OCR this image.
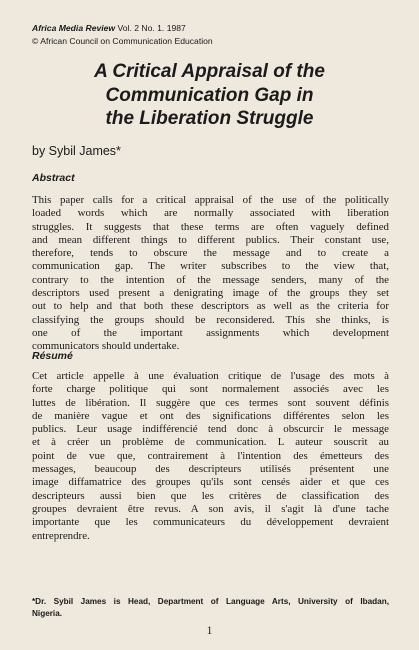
Africa Media Review Vol. 2 No. 1. 1987
© African Council on Communication Education
A Critical Appraisal of the
Communication Gap in
the Liberation Struggle
by Sybil James*
Abstract
This paper calls for a critical appraisal of the use of the politically
loaded words which are normally associated with liberation
struggles. It suggests that these terms are often vaguely defined
and mean different things to different publics. Their constant use,
therefore, tends to obscure the message and to create a
communication gap. The writer subscribes to the view that,
contrary to the intention of the message senders, many of the
descriptors used present a denigrating image of the groups they set
out to help and that both these descriptors as well as the criteria for
classifying the groups should be reconsidered. This she thinks, is
one of the important assignments which development
communicators should undertake.
Résumé
Cet article appelle à une évaluation critique de l'usage des mots à
forte charge politique qui sont normalement associés avec les
luttes de libération. Il suggère que ces termes sont souvent définis
de manière vague et ont des significations différentes selon les
publics. Leur usage indifférencié tend donc à obscurcir le message
et à créer un problème de communication. L auteur souscrit au
point de vue que, contrairement à l'intention des émetteurs des
messages, beaucoup des descripteurs utilisés présentent une
image diffamatrice des groupes qu'ils sont censés aider et que ces
descripteurs aussi bien que les critères de classification des
groupes devraient être revus. A son avis, il s'agit là d'une tache
importante que les communicateurs du développement devraient
entreprendre.
*Dr. Sybil James is Head, Department of Language Arts, University of Ibadan,
Nigeria.
1
